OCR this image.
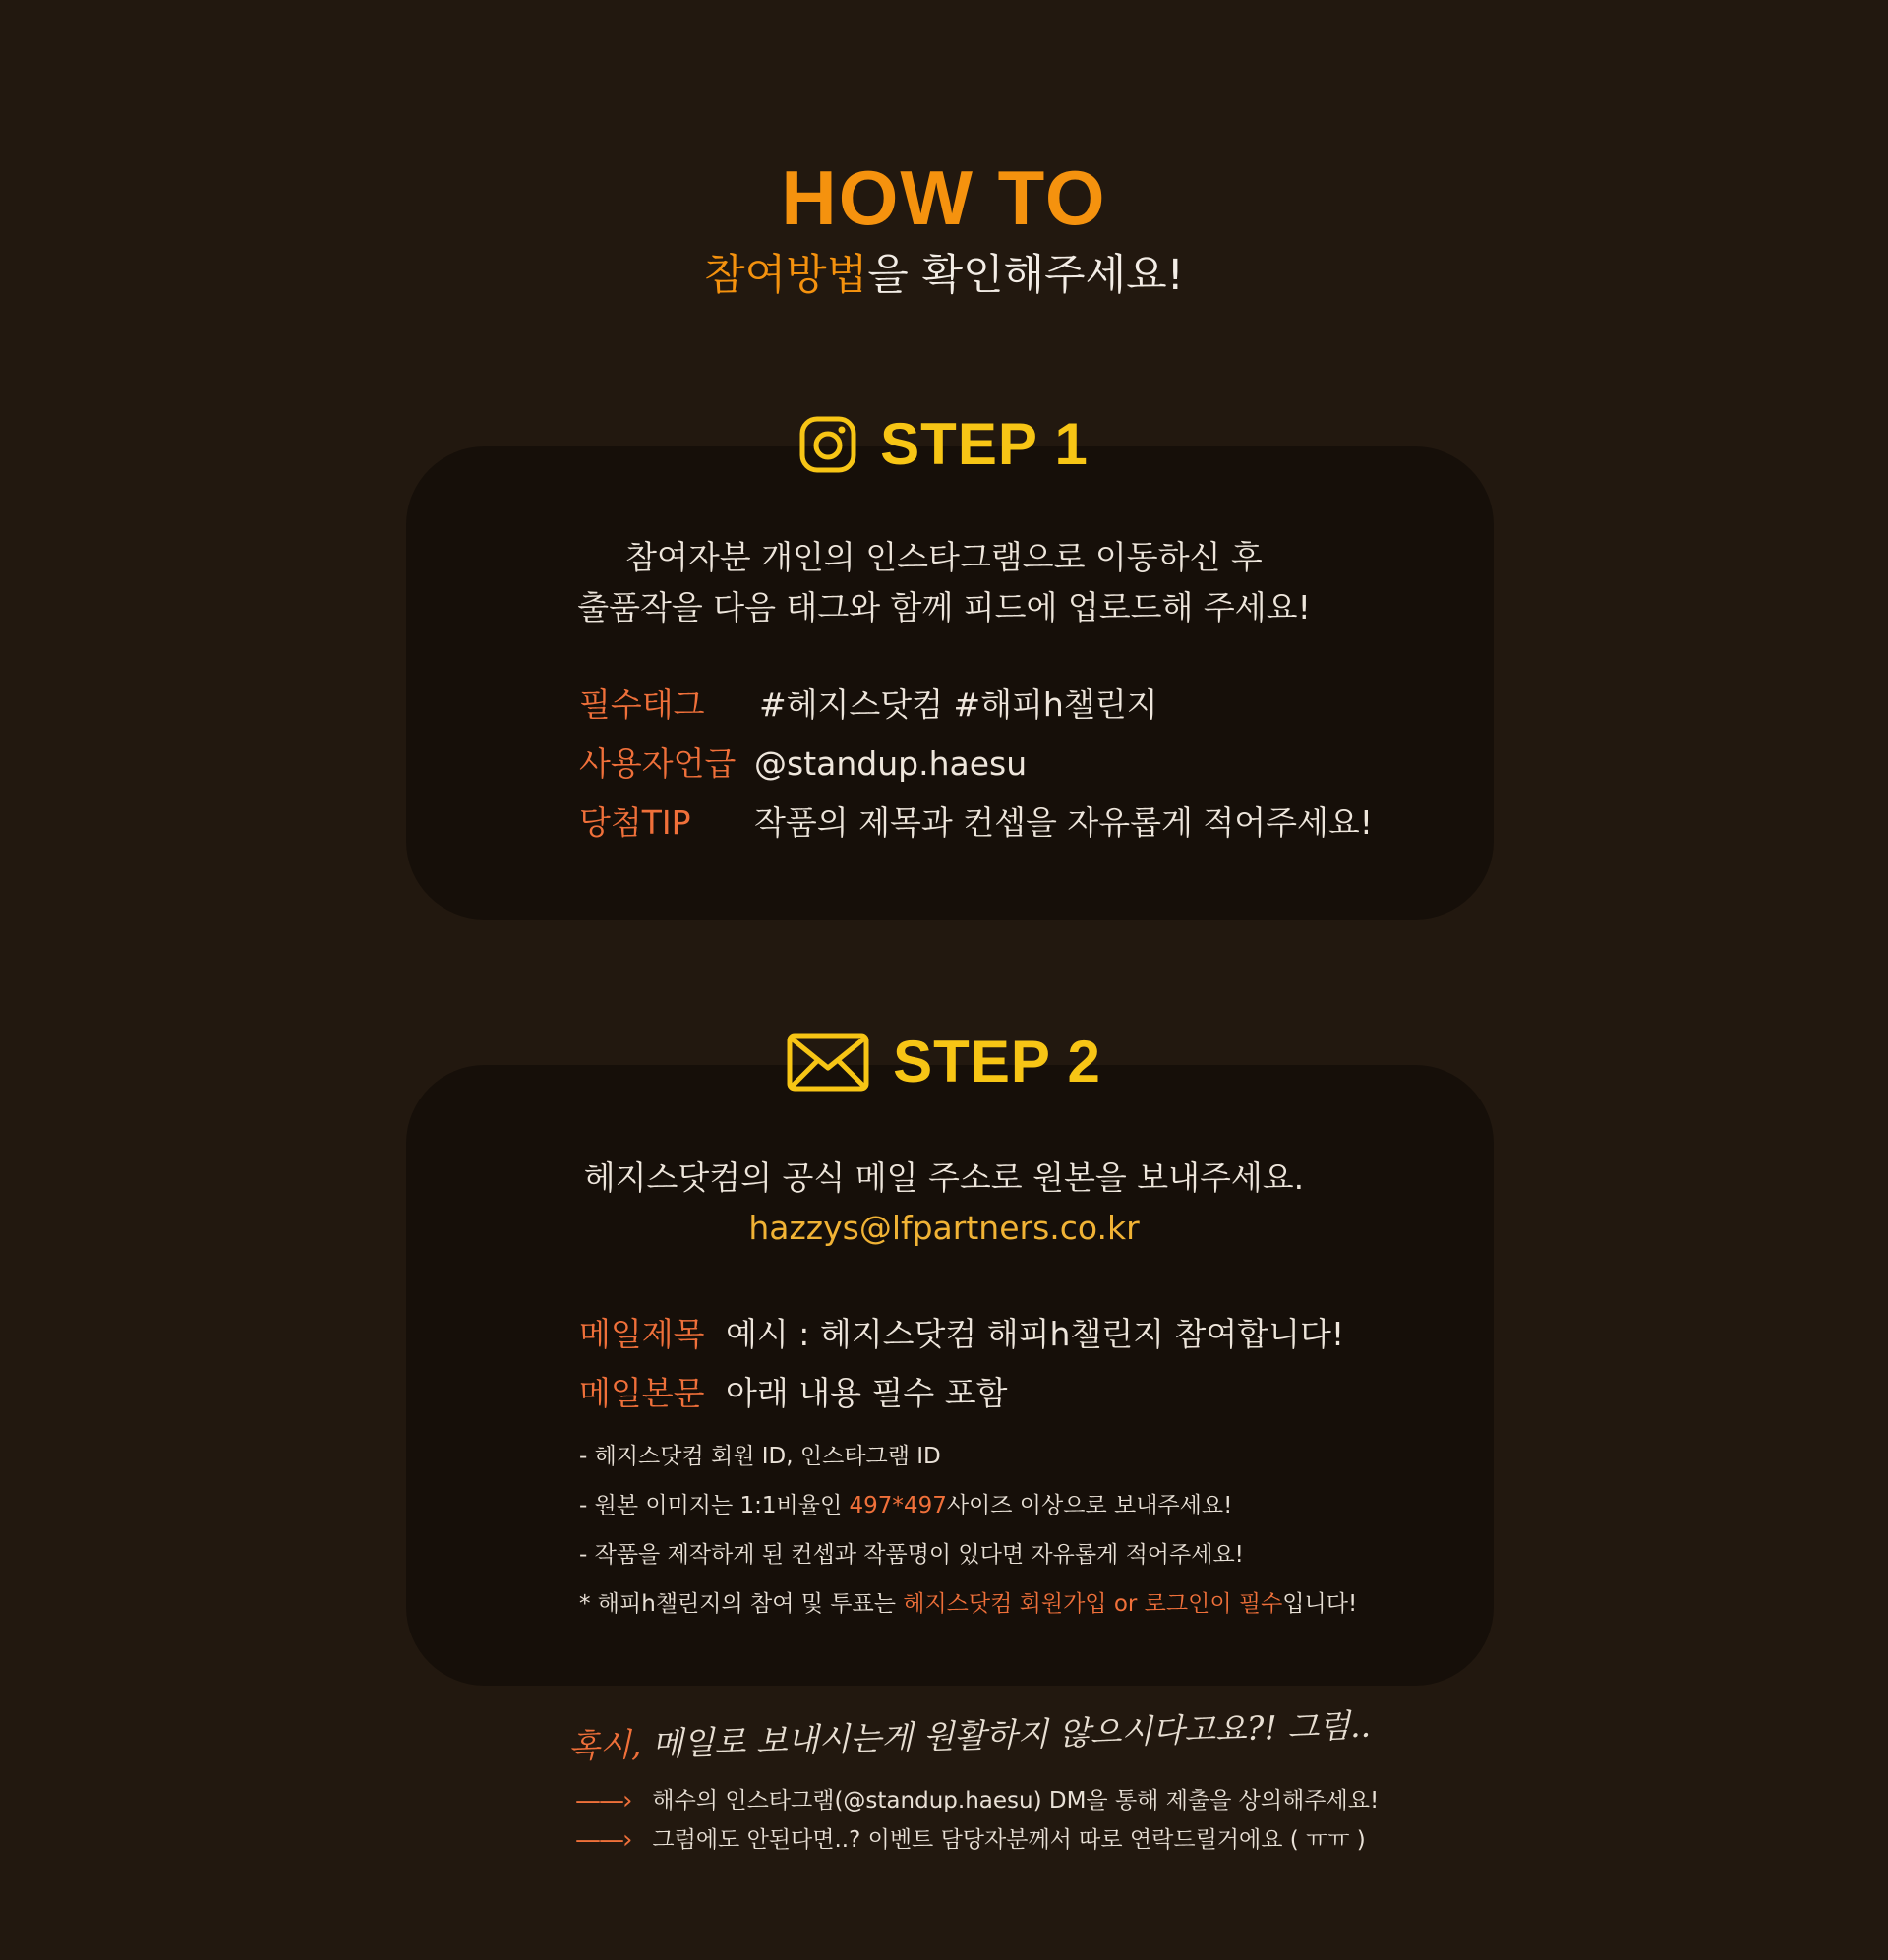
HOW TO
참여방법을 확인해주세요!
STEP 1
참여자분 개인의 인스타그램으로 이동하신 후
출품작을 다음 태그와 함께 피드에 업로드해 주세요!
필수태그 #헤지스닷컴 #해피h챌린지
사용자언급 @standup.haesu
당첨TIP 작품의 제목과 컨셉을 자유롭게 적어주세요!
STEP 2
헤지스닷컴의 공식 메일 주소로 원본을 보내주세요.
hazzys@lfpartners.co.kr
메일제목 예시 : 헤지스닷컴 해피h챌린지 참여합니다!
메일본문 아래 내용 필수 포함
- 헤지스닷컴 회원 ID, 인스타그램 ID
- 원본 이미지는 1:1비율인 497*497사이즈 이상으로 보내주세요!
- 작품을 제작하게 된 컨셉과 작품명이 있다면 자유롭게 적어주세요!
* 해피h챌린지의 참여 및 투표는 헤지스닷컴 회원가입 or 로그인이 필수입니다!
혹시, 메일로 보내시는게 원활하지 않으시다고요?! 그럼..
——› 해수의 인스타그램(@standup.haesu) DM을 통해 제출을 상의해주세요!
——› 그럼에도 안된다면..? 이벤트 담당자분께서 따로 연락드릴거에요 ( ㅠㅠ )
